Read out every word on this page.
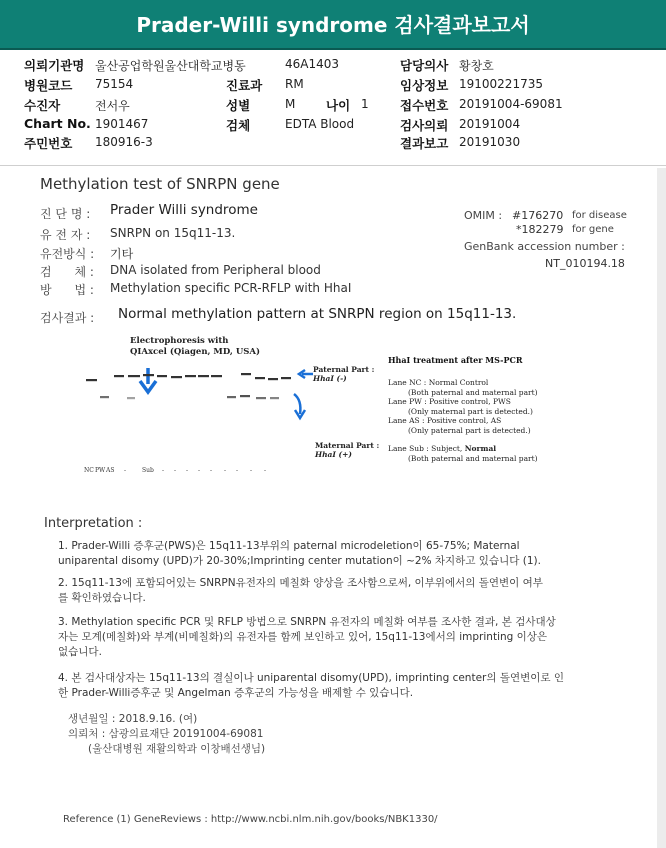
Prader-Willi syndrome 검사결과보고서
의뢰기관명 울산공업학원울산대학교병동	46A1403	담당의사 황창호
병원코드 75154	진료과 RM	임상정보 19100221735
수진자	전서우	성별	M 나이 1	접수번호 20191004-69081
Chart No. 1901467	검체	EDTA Blood	검사의뢰 20191004
주민번호 180916-3	결과보고 20191030
Methylation test of SNRPN gene
진 단 명 : Prader Willi syndrome
유 전 자 : SNRPN on 15q11-13.
유전방식 : 기타
검      체 : DNA isolated from Peripheral blood
방      법 : Methylation specific PCR-RFLP with HhaI
OMIM : #176270 for disease
*182279 for gene
GenBank accession number :
NT_010194.18
검사결과 : Normal methylation pattern at SNRPN region on 15q11-13.
Electrophoresis with
QIAxcel (Qiagen, MD, USA)
Paternal Part :
HhaI (-)
Maternal Part :
HhaI (+)
NC PW AS -	Sub - - - - - - - - -
HhaI treatment after MS-PCR
Lane NC : Normal Control
(Both paternal and maternal part)
Lane PW : Positive control, PWS
(Only maternal part is detected.)
Lane AS : Positive control, AS
(Only paternal part is detected.)
Lane Sub : Subject, Normal
(Both paternal and maternal part)
Interpretation :
1. Prader-Willi 증후군(PWS)은 15q11-13부위의 paternal microdeletion이 65-75%; Maternal
uniparental disomy (UPD)가 20-30%;Imprinting center mutation이 ~2% 차지하고 있습니다 (1).
2. 15q11-13에 포함되어있는 SNRPN유전자의 메칠화 양상을 조사함으로써, 이부위에서의 돌연변이 여부
를 확인하였습니다.
3. Methylation specific PCR 및 RFLP 방법으로 SNRPN 유전자의 메칠화 여부를 조사한 결과, 본 검사대상
자는 모계(메칠화)와 부계(비메칠화)의 유전자를 함께 보인하고 있어, 15q11-13에서의 imprinting 이상은
없습니다.
4. 본 검사대상자는 15q11-13의 결실이나 uniparental disomy(UPD), imprinting center의 돌연변이로 인
한 Prader-Willi증후군 및 Angelman 증후군의 가능성을 배제할 수 있습니다.
생년월일 : 2018.9.16. (여)
의뢰처 : 삼광의료재단 20191004-69081
(울산대병원 재활의학과 이창배선생님)
Reference (1) GeneReviews : http://www.ncbi.nlm.nih.gov/books/NBK1330/
